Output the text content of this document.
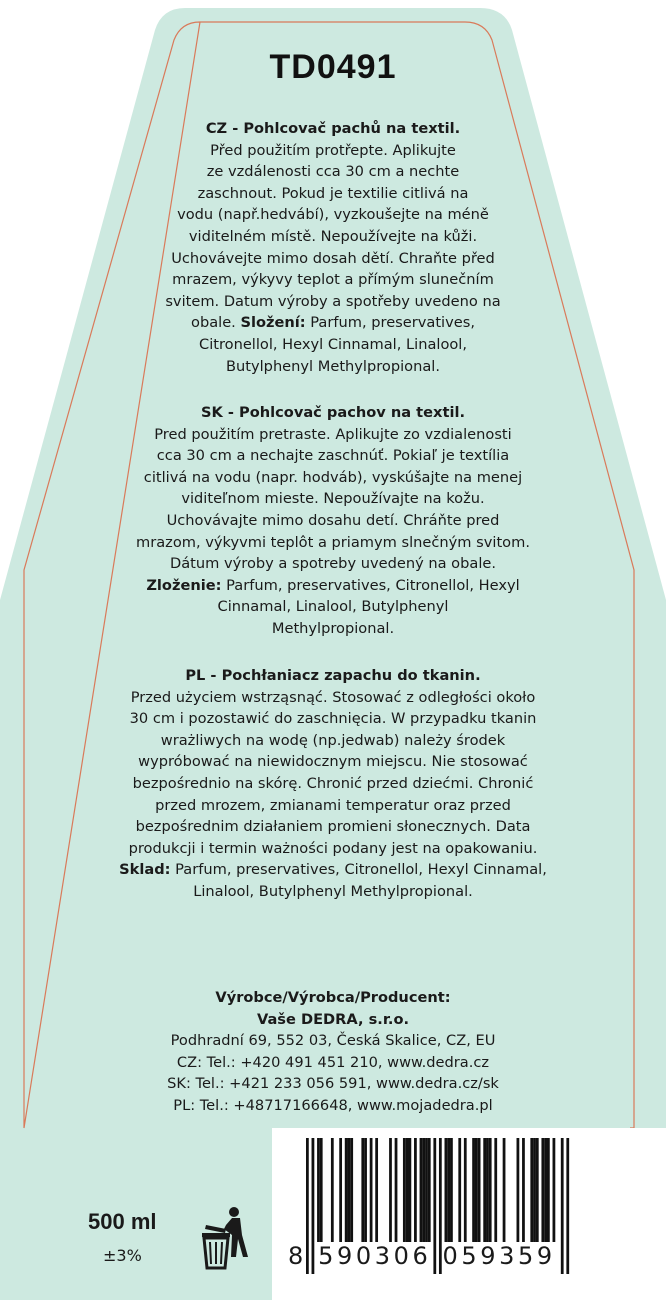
TD0491
CZ - Pohlcovač pachů na textil.
Před použitím protřepte. Aplikujte
ze vzdálenosti cca 30 cm a nechte
zaschnout. Pokud je textilie citlivá na
vodu (např.hedvábí), vyzkoušejte na méně
viditelném místě. Nepoužívejte na kůži.
Uchovávejte mimo dosah dětí. Chraňte před
mrazem, výkyvy teplot a přímým slunečním
svitem. Datum výroby a spotřeby uvedeno na
obale. Složení: Parfum, preservatives,
Citronellol, Hexyl Cinnamal, Linalool,
Butylphenyl Methylpropional.
SK - Pohlcovač pachov na textil.
Pred použitím pretraste. Aplikujte zo vzdialenosti
cca 30 cm a nechajte zaschnúť. Pokiaľ je textília
citlivá na vodu (napr. hodváb), vyskúšajte na menej
viditeľnom mieste. Nepoužívajte na kožu.
Uchovávajte mimo dosahu detí. Chráňte pred
mrazom, výkyvmi teplôt a priamym slnečným svitom.
Dátum výroby a spotreby uvedený na obale.
Zloženie: Parfum, preservatives, Citronellol, Hexyl
Cinnamal, Linalool, Butylphenyl
Methylpropional.
PL - Pochłaniacz zapachu do tkanin.
Przed użyciem wstrząsnąć. Stosować z odległości około
30 cm i pozostawić do zaschnięcia. W przypadku tkanin
wrażliwych na wodę (np.jedwab) należy środek
wypróbować na niewidocznym miejscu. Nie stosować
bezpośrednio na skórę. Chronić przed dziećmi. Chronić
przed mrozem, zmianami temperatur oraz przed
bezpośrednim działaniem promieni słonecznych. Data
produkcji i termin ważności podany jest na opakowaniu.
Sklad: Parfum, preservatives, Citronellol, Hexyl Cinnamal,
Linalool, Butylphenyl Methylpropional.
Výrobce/Výrobca/Producent:
Vaše DEDRA, s.r.o.
Podhradní 69, 552 03, Česká Skalice, CZ, EU
CZ: Tel.: +420 491 451 210, www.dedra.cz
SK: Tel.: +421 233 056 591, www.dedra.cz/sk
PL: Tel.: +48717166648, www.mojadedra.pl
500 ml
±3%	8 590306 059359
